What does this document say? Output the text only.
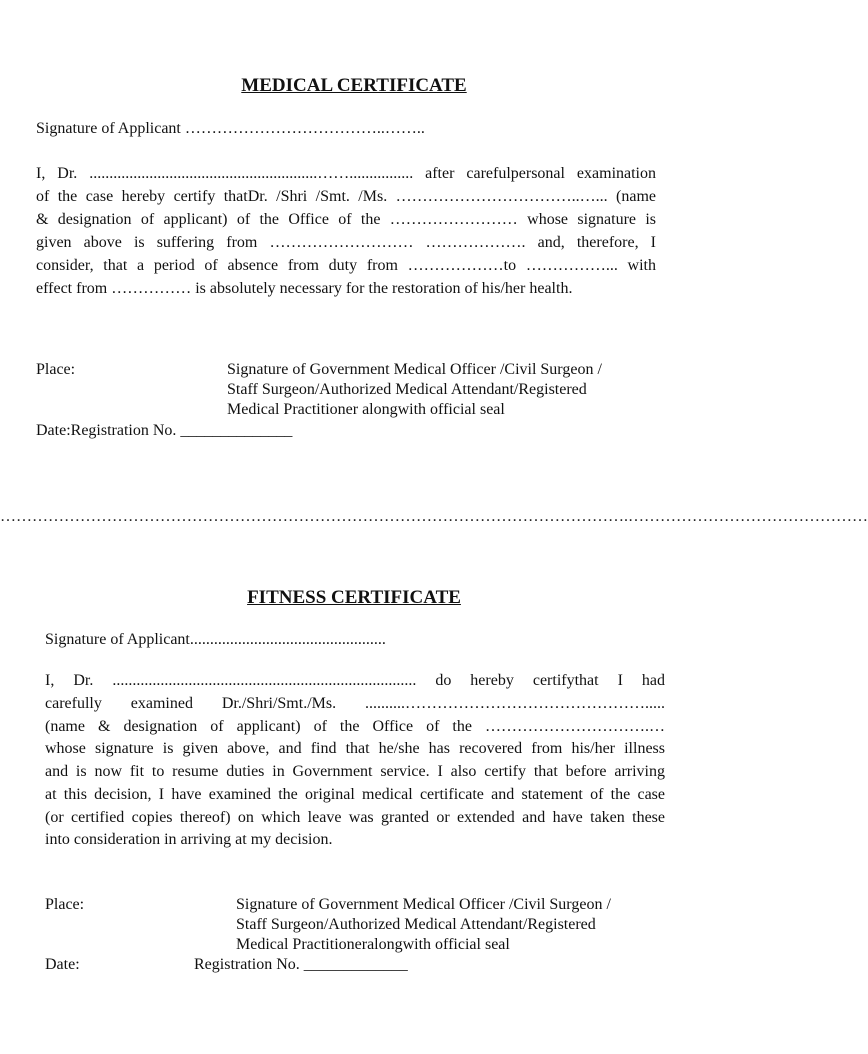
MEDICAL CERTIFICATE
Signature of Applicant ………………………………..……..
I, Dr. .........................................................……................ after carefulpersonal examination
of the case hereby certify thatDr. /Shri /Smt. /Ms. ……………………………..…... (name
& designation of applicant) of the Office of the …………………… whose signature is
given above is suffering from ……………………… ………………. and, therefore, I
consider, that a period of absence from duty from ………………to ……………... with
effect from …………… is absolutely necessary for the restoration of his/her health.
Place:	Signature of Government Medical Officer /Civil Surgeon /
Staff Surgeon/Authorized Medical Attendant/Registered
Medical Practitioner alongwith official seal
Date:Registration No. ______________
……………………………………………………………………………………………………….………………………………………
FITNESS CERTIFICATE
Signature of Applicant.................................................
I, Dr. ............................................................................ do hereby certifythat I had
carefully examined Dr./Shri/Smt./Ms. ..........……………………………………….....
(name & designation of applicant) of the Office of the ………………………….…
whose signature is given above, and find that he/she has recovered from his/her illness
and is now fit to resume duties in Government service. I also certify that before arriving
at this decision, I have examined the original medical certificate and statement of the case
(or certified copies thereof) on which leave was granted or extended and have taken these
into consideration in arriving at my decision.
Place:	Signature of Government Medical Officer /Civil Surgeon /
Staff Surgeon/Authorized Medical Attendant/Registered
Medical Practitioneralongwith official seal
Date:	Registration No. _____________
